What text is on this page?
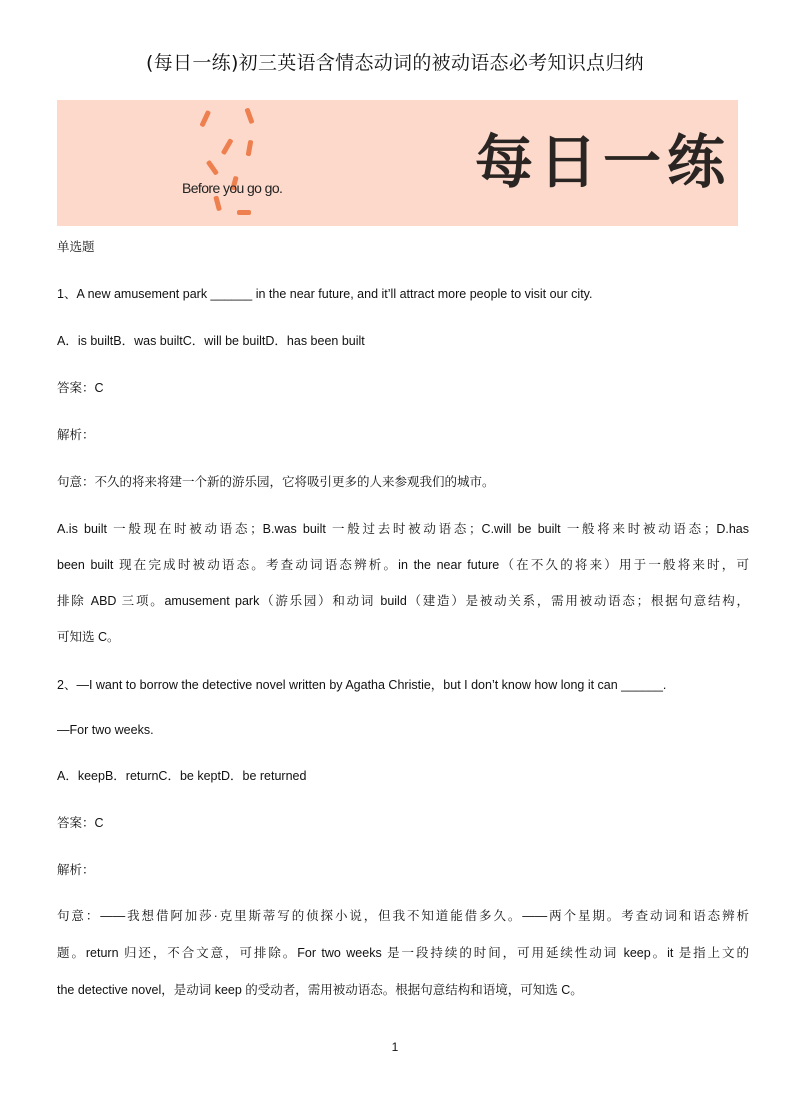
(每日一练)初三英语含情态动词的被动语态必考知识点归纳
Before you go go.	每日一练
单选题
1、A new amusement park ______ in the near future, and it’ll attract more people to visit our city.
A．is builtB．was builtC．will be builtD．has been built
答案：C
解析：
句意：不久的将来将建一个新的游乐园，它将吸引更多的人来参观我们的城市。
A.is built 一般现在时被动语态；B.was built 一般过去时被动语态；C.will be built 一般将来时被动语态；D.has
been built 现在完成时被动语态。考查动词语态辨析。in the near future（在不久的将来）用于一般将来时，可
排除 ABD 三项。amusement park（游乐园）和动词 build（建造）是被动关系，需用被动语态；根据句意结构，
可知选 C。
2、—I want to borrow the detective novel written by Agatha Christie，but I don’t know how long it can ______.
—For two weeks.
A．keepB．returnC．be keptD．be returned
答案：C
解析：
句意：——我想借阿加莎·克里斯蒂写的侦探小说，但我不知道能借多久。——两个星期。考查动词和语态辨析
题。return 归还，不合文意，可排除。For two weeks 是一段持续的时间，可用延续性动词 keep。it 是指上文的
the detective novel，是动词 keep 的受动者，需用被动语态。根据句意结构和语境，可知选 C。
1
